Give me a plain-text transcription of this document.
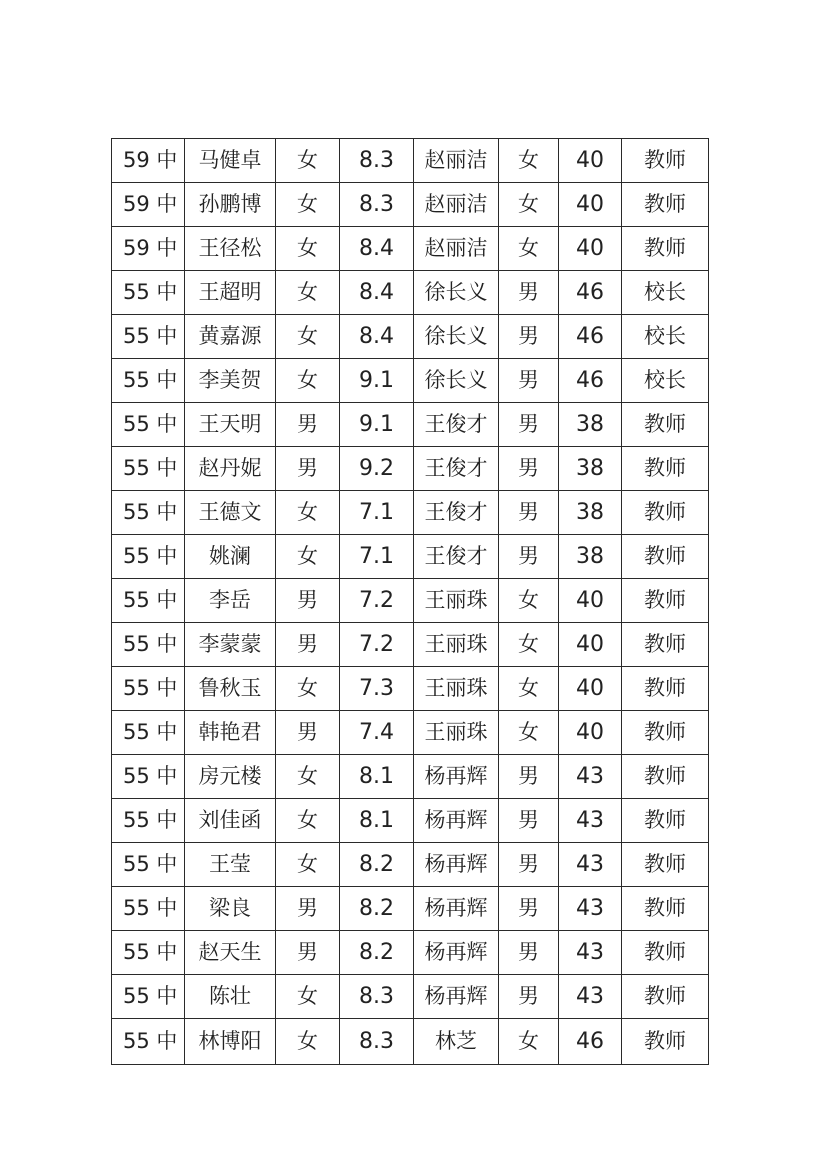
59 中	马健卓	女	8.3	赵丽洁	女	40	教师
59 中	孙鹏博	女	8.3	赵丽洁	女	40	教师
59 中	王径松	女	8.4	赵丽洁	女	40	教师
55 中	王超明	女	8.4	徐长义	男	46	校长
55 中	黄嘉源	女	8.4	徐长义	男	46	校长
55 中	李美贺	女	9.1	徐长义	男	46	校长
55 中	王天明	男	9.1	王俊才	男	38	教师
55 中	赵丹妮	男	9.2	王俊才	男	38	教师
55 中	王德文	女	7.1	王俊才	男	38	教师
55 中	姚澜	女	7.1	王俊才	男	38	教师
55 中	李岳	男	7.2	王丽珠	女	40	教师
55 中	李蒙蒙	男	7.2	王丽珠	女	40	教师
55 中	鲁秋玉	女	7.3	王丽珠	女	40	教师
55 中	韩艳君	男	7.4	王丽珠	女	40	教师
55 中	房元楼	女	8.1	杨再辉	男	43	教师
55 中	刘佳函	女	8.1	杨再辉	男	43	教师
55 中	王莹	女	8.2	杨再辉	男	43	教师
55 中	梁良	男	8.2	杨再辉	男	43	教师
55 中	赵天生	男	8.2	杨再辉	男	43	教师
55 中	陈壮	女	8.3	杨再辉	男	43	教师
55 中	林博阳	女	8.3	林芝	女	46	教师
